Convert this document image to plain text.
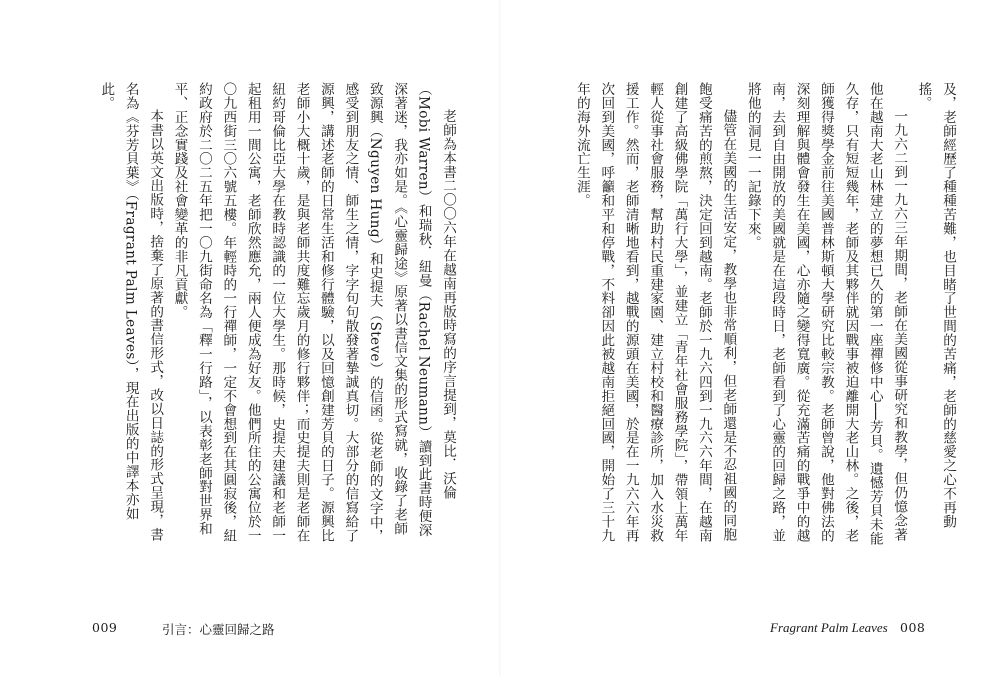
老師為本書二〇〇六年在越南再版時寫的序言提到，莫比．沃倫（Mobi Warren）和瑞秋．紐曼（Rachel Neumann）讀到此書時便深深著迷，我亦如是。《心靈歸途》原著以書信文集的形式寫就，收錄了老師致源興（Nguyen Hung）和史提夫（Steve）的信函。從老師的文字中，感受到朋友之情、師生之情，字字句句散發著摯誠真切。大部分的信寫給了源興，講述老師的日常生活和修行體驗，以及回憶創建芳貝的日子。源興比老師小大概十歲，是與老師共度難忘歲月的修行夥伴；而史提夫則是老師在紐約哥倫比亞大學在教時認識的一位大學生。那時候，史提夫建議和老師一起租用一間公寓，老師欣然應允，兩人便成為好友。他們所住的公寓位於一〇九西街三〇六號五樓。年輕時的一行禪師，一定不會想到在其圓寂後，紐約政府於二〇二五年把一〇九街命名為「釋一行路」，以表彰老師對世界和平、正念實踐及社會變革的非凡貢獻。

本書以英文出版時，捨棄了原著的書信形式，改以日誌的形式呈現，書名為《芬芳貝葉》（Fragrant Palm Leaves），現在出版的中譯本亦如此。

009	引言：心靈回歸之路

及，老師經歷了種種苦難，也目睹了世間的苦痛，老師的慈愛之心不再動搖。

一九六二到一九六三年期間，老師在美國從事研究和教學，但仍憶念著他在越南大老山林建立的夢想已久的第一座禪修中心──芳貝。遺憾芳貝未能久存，只有短短幾年，老師及其夥伴就因戰事被迫離開大老山林。之後，老師獲得獎學金前往美國普林斯頓大學研究比較宗教。老師曾說，他對佛法的深刻理解與體會發生在美國，心亦隨之變得寬廣。從充滿苦痛的戰爭中的越南，去到自由開放的美國就是在這段時日，老師看到了心靈的回歸之路，並將他的洞見一一記錄下來。

儘管在美國的生活安定，教學也非常順利，但老師還是不忍祖國的同胞飽受痛苦的煎熬，決定回到越南。老師於一九六四到一九六六年間，在越南創建了高級佛學院「萬行大學」，並建立「青年社會服務學院」，帶領上萬年輕人從事社會服務，幫助村民重建家園、建立村校和醫療診所，加入水災救援工作。然而，老師清晰地看到，越戰的源頭在美國，於是在一九六六年再次回到美國，呼籲和平和停戰，不料卻因此被越南拒絕回國，開始了三十九年的海外流亡生涯。

Fragrant Palm Leaves 008
